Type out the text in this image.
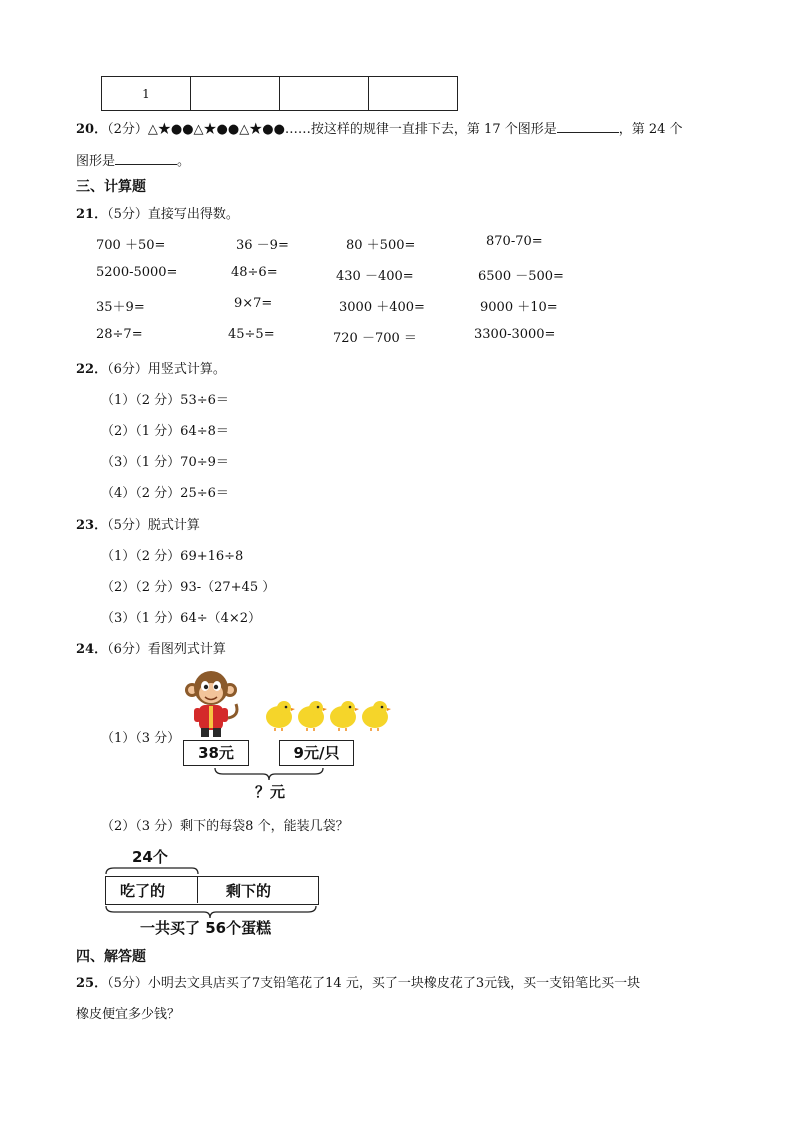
1			
20．（2分）△★●●△★●●△★●●……按这样的规律一直排下去，第 17 个图形是	，第 24 个
图形是	。
三、计算题
21．（5分）直接写出得数。
700 ＋50=	36 －9=	80 ＋500=	870-70=
5200-5000=	48÷6=	430 －400=	6500 －500=
35＋9=	9×7=	3000 ＋400=	9000 ＋10=
28÷7=	45÷5=	720 －700 ＝	3300-3000=
22．（6分）用竖式计算。
（1）（2 分）53÷6＝
（2）（1 分）64÷8＝
（3）（1 分）70÷9＝
（4）（2 分）25÷6＝
23．（5分）脱式计算
（1）（2 分）69+16÷8
（2）（2 分）93-（27+45 ）
（3）（1 分）64÷（4×2）
24．（6分）看图列式计算
（1）（3 分）
38元	9元/只
？元
（2）（3 分）剩下的每袋8 个，能装几袋？
24个
吃了的	剩下的
一共买了 56个蛋糕
四、解答题
25．（5分）小明去文具店买了7支铅笔花了14 元，买了一块橡皮花了3元钱，买一支铅笔比买一块
橡皮便宜多少钱？
